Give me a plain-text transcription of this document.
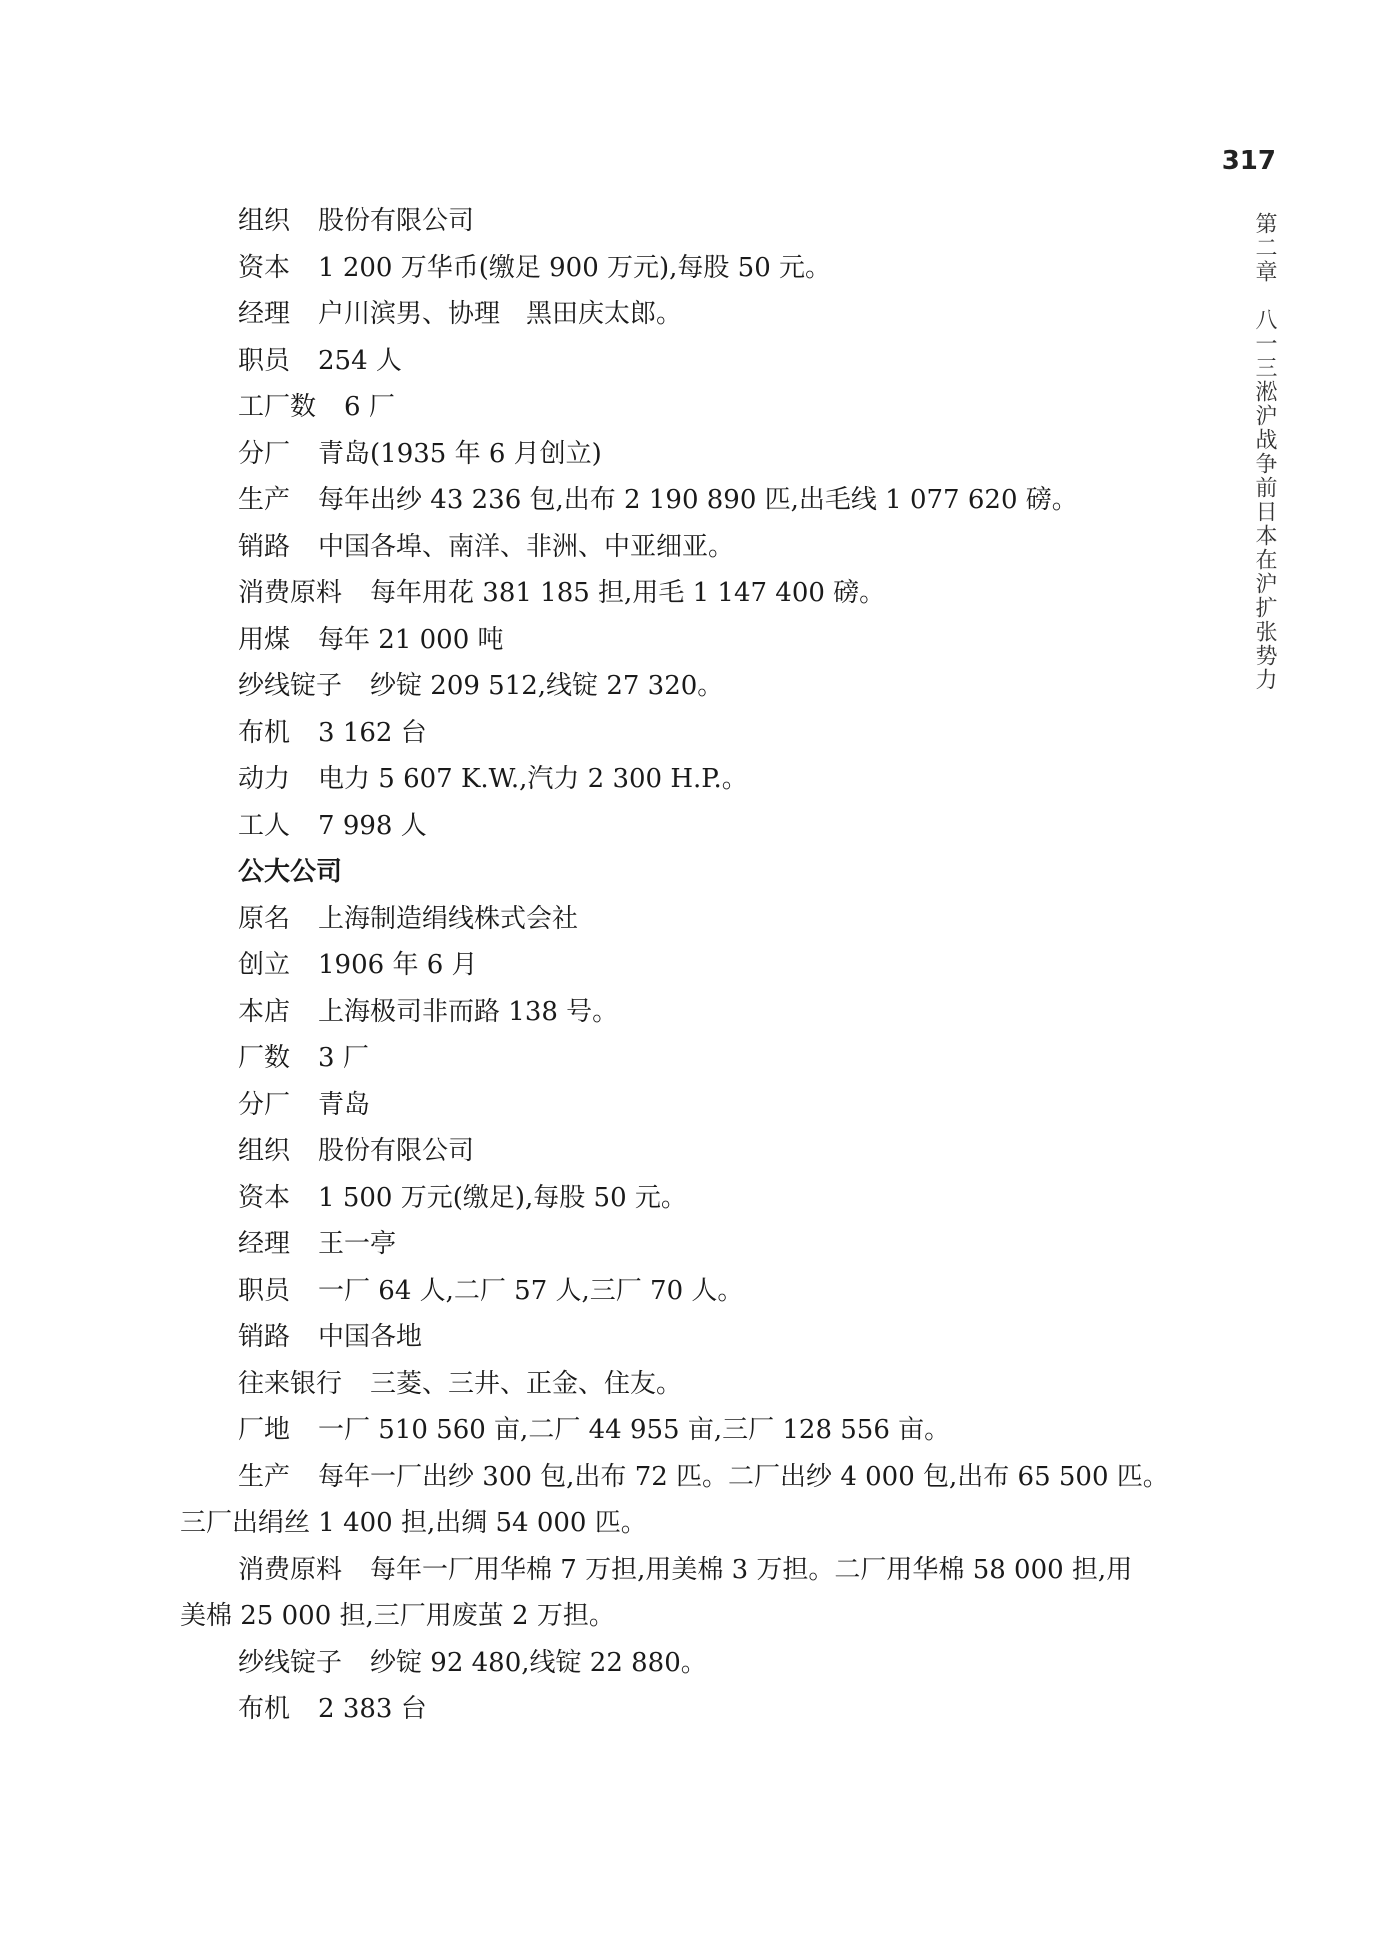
317
第二章　八一三淞沪战争前日本在沪扩张势力
组织 股份有限公司
资本 1 200 万华币(缴足 900 万元),每股 50 元。
经理 户川滨男、协理　黑田庆太郎。
职员 254 人
工厂数 6 厂
分厂 青岛(1935 年 6 月创立)
生产 每年出纱 43 236 包,出布 2 190 890 匹,出毛线 1 077 620 磅。
销路 中国各埠、南洋、非洲、中亚细亚。
消费原料 每年用花 381 185 担,用毛 1 147 400 磅。
用煤 每年 21 000 吨
纱线锭子 纱锭 209 512,线锭 27 320。
布机 3 162 台
动力 电力 5 607 K.W.,汽力 2 300 H.P.。
工人 7 998 人
公大公司
原名 上海制造绢线株式会社
创立 1906 年 6 月
本店 上海极司非而路 138 号。
厂数 3 厂
分厂 青岛
组织 股份有限公司
资本 1 500 万元(缴足),每股 50 元。
经理 王一亭
职员 一厂 64 人,二厂 57 人,三厂 70 人。
销路 中国各地
往来银行 三菱、三井、正金、住友。
厂地 一厂 510 560 亩,二厂 44 955 亩,三厂 128 556 亩。
生产 每年一厂出纱 300 包,出布 72 匹。二厂出纱 4 000 包,出布 65 500 匹。
三厂出绢丝 1 400 担,出绸 54 000 匹。
消费原料 每年一厂用华棉 7 万担,用美棉 3 万担。二厂用华棉 58 000 担,用
美棉 25 000 担,三厂用废茧 2 万担。
纱线锭子 纱锭 92 480,线锭 22 880。
布机 2 383 台
